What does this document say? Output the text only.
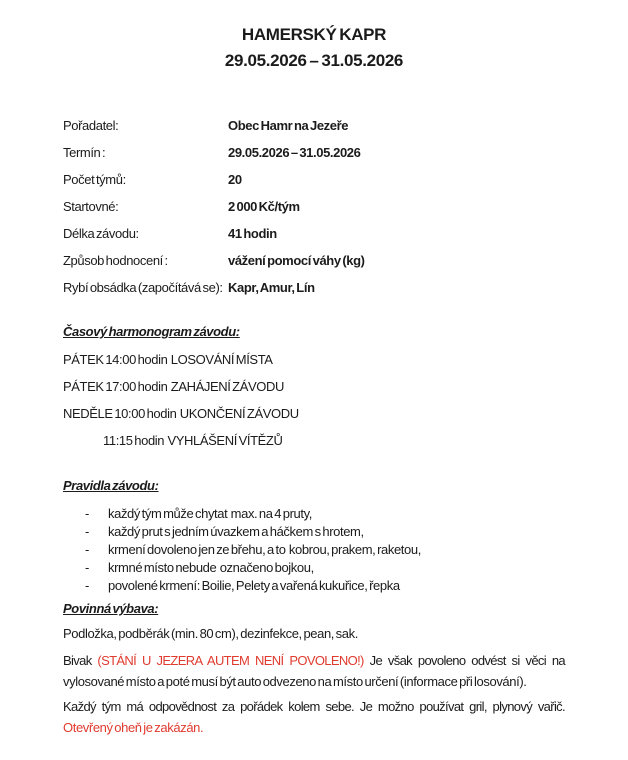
HAMERSKÝ KAPR
29.05.2026 – 31.05.2026
Pořadatel:	Obec Hamr na Jezeře
Termín :	29.05.2026 – 31.05.2026
Počet týmů:	20
Startovné:	2 000 Kč/tým
Délka závodu:	41 hodin
Způsob hodnocení :	vážení pomocí váhy (kg)
Rybí obsádka (započítává se): Kapr, Amur, Lín
Časový harmonogram závodu:
PÁTEK 14:00 hodin  LOSOVÁNÍ MÍSTA
PÁTEK 17:00 hodin  ZAHÁJENÍ ZÁVODU
NEDĚLE 10:00 hodin  UKONČENÍ ZÁVODU
11:15 hodin  VYHLÁŠENÍ VÍTĚZŮ
Pravidla závodu:
- každý tým může chytat  max. na 4 pruty,
- každý prut s jedním úvazkem a háčkem s hrotem,
- krmení dovoleno jen ze břehu, a to  kobrou, prakem, raketou,
- krmné místo nebude  označeno bojkou,
- povolené krmení: Boilie, Pelety a vařená kukuřice, řepka
Povinná výbava:
Podložka, podběrák (min. 80 cm), dezinfekce, pean, sak.
Bivak (STÁNÍ U JEZERA AUTEM NENÍ POVOLENO!) Je však povoleno odvést si věci na
vylosované místo a poté musí být auto odvezeno na místo určení (informace při losování).
Každý tým má odpovědnost za pořádek kolem sebe. Je možno používat gril, plynový vařič.
Otevřený oheň je zakázán.
